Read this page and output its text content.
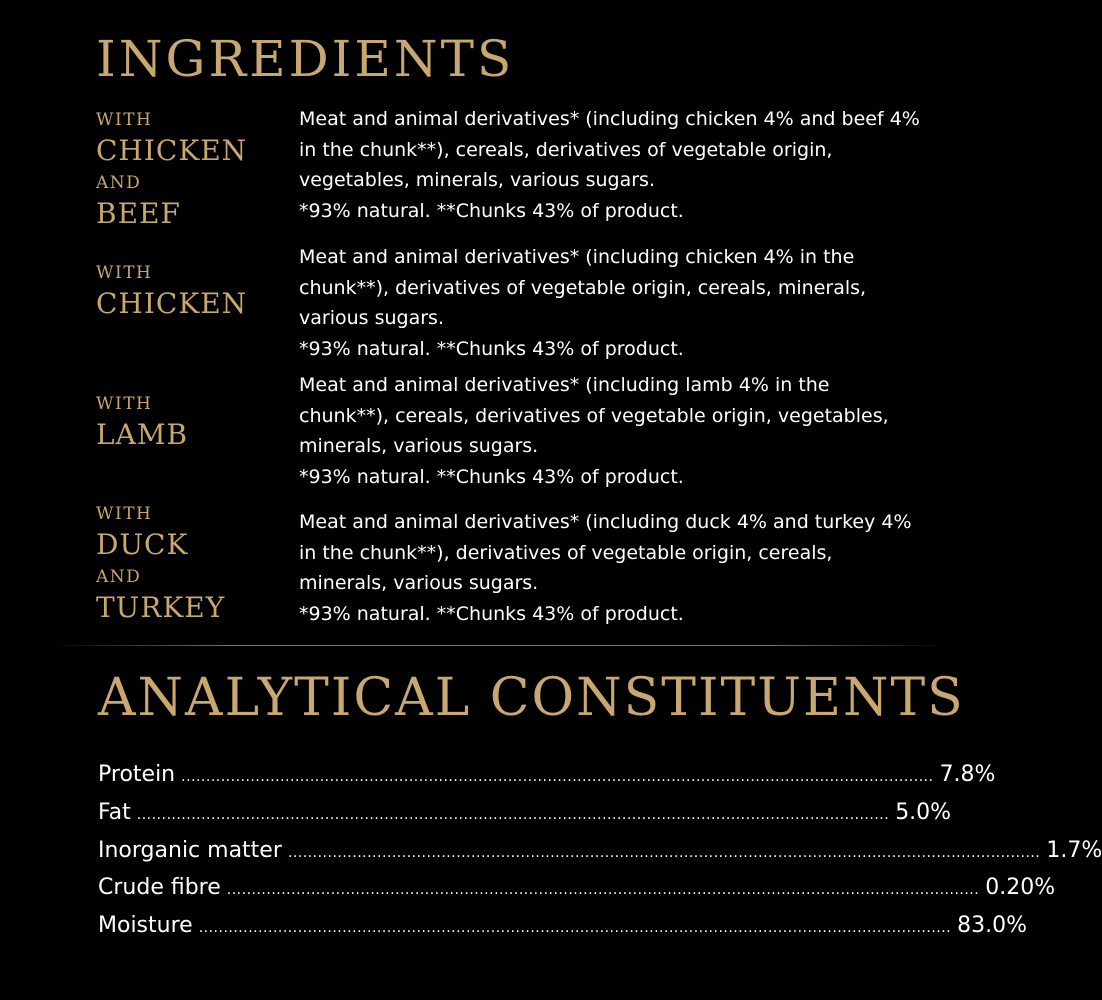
INGREDIENTS
WITH
CHICKEN
AND
BEEF

Meat and animal derivatives* (including chicken 4% and beef 4%

in the chunk**), cereals, derivatives of vegetable origin,

vegetables, minerals, various sugars.

*93% natural. **Chunks 43% of product.

WITH
CHICKEN

Meat and animal derivatives* (including chicken 4% in the

chunk**), derivatives of vegetable origin, cereals, minerals,

various sugars.

*93% natural. **Chunks 43% of product.

WITH
LAMB

Meat and animal derivatives* (including lamb 4% in the

chunk**), cereals, derivatives of vegetable origin, vegetables,

minerals, various sugars.

*93% natural. **Chunks 43% of product.

WITH
DUCK
AND
TURKEY

Meat and animal derivatives* (including duck 4% and turkey 4%

in the chunk**), derivatives of vegetable origin, cereals,

minerals, various sugars.

*93% natural. **Chunks 43% of product.

ANALYTICAL CONSTITUENTS
Protein ........................................................................................................................................................ 7.8%
Fat ........................................................................................................................................................ 5.0%
Inorganic matter ........................................................................................................................................................ 1.7%
Crude fibre ........................................................................................................................................................ 0.20%
Moisture ........................................................................................................................................................ 83.0%
